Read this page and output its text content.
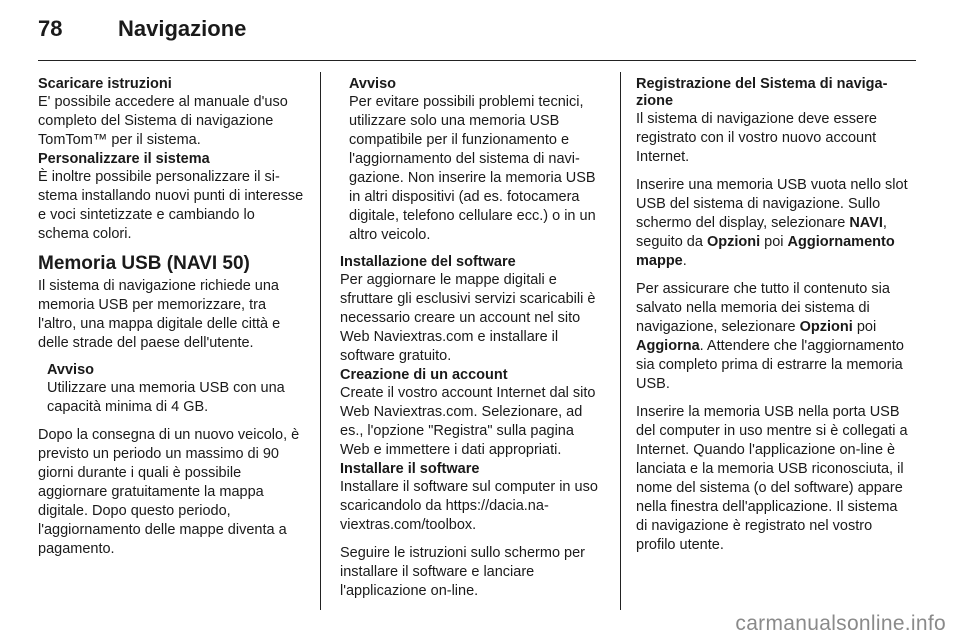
78	Navigazione
Scaricare istruzioni

E' possibile accedere al manuale d'uso completo del Sistema di navigazione TomTom™ per il sistema.

Personalizzare il sistema

È inoltre possibile personalizzare il sistema installando nuovi punti di interesse e voci sintetizzate e cambiando lo schema colori.

Memoria USB (NAVI 50)

Il sistema di navigazione richiede una memoria USB per memorizzare, tra l'altro, una mappa digitale delle città e delle strade del paese dell'utente.

Avviso
Utilizzare una memoria USB con una capacità minima di 4 GB.

Dopo la consegna di un nuovo veicolo, è previsto un periodo un massimo di 90 giorni durante i quali è possibile aggiornare gratuitamente la mappa digitale. Dopo questo periodo, l'aggiornamento delle mappe diventa a pagamento.

Avviso
Per evitare possibili problemi tecnici, utilizzare solo una memoria USB compatibile per il funzionamento e l'aggiornamento del sistema di navigazione. Non inserire la memoria USB in altri dispositivi (ad es. fotocamera digitale, telefono cellulare ecc.) o in un altro veicolo.
Installazione del software

Per aggiornare le mappe digitali e sfruttare gli esclusivi servizi scaricabili è necessario creare un account nel sito Web Naviextras.com e installare il software gratuito.

Creazione di un account

Create il vostro account Internet dal sito Web Naviextras.com. Selezionare, ad es., l'opzione "Registra" sulla pagina Web e immettere i dati appropriati.

Installare il software

Installare il software sul computer in uso scaricandolo da https://dacia.naviextras.com/toolbox.

Seguire le istruzioni sullo schermo per installare il software e lanciare l'applicazione on-line.

Registrazione del Sistema di navigazione

Il sistema di navigazione deve essere registrato con il vostro nuovo account Internet.

Inserire una memoria USB vuota nello slot USB del sistema di navigazione. Sullo schermo del display, selezionare NAVI, seguito da Opzioni poi Aggiornamento mappe.

Per assicurare che tutto il contenuto sia salvato nella memoria dei sistema di navigazione, selezionare Opzioni poi Aggiorna. Attendere che l'aggiornamento sia completo prima di estrarre la memoria USB.

Inserire la memoria USB nella porta USB del computer in uso mentre si è collegati a Internet. Quando l'applicazione on-line è lanciata e la memoria USB riconosciuta, il nome del sistema (o del software) appare nella finestra dell'applicazione. Il sistema di navigazione è registrato nel vostro profilo utente.

carmanualsonline.info
